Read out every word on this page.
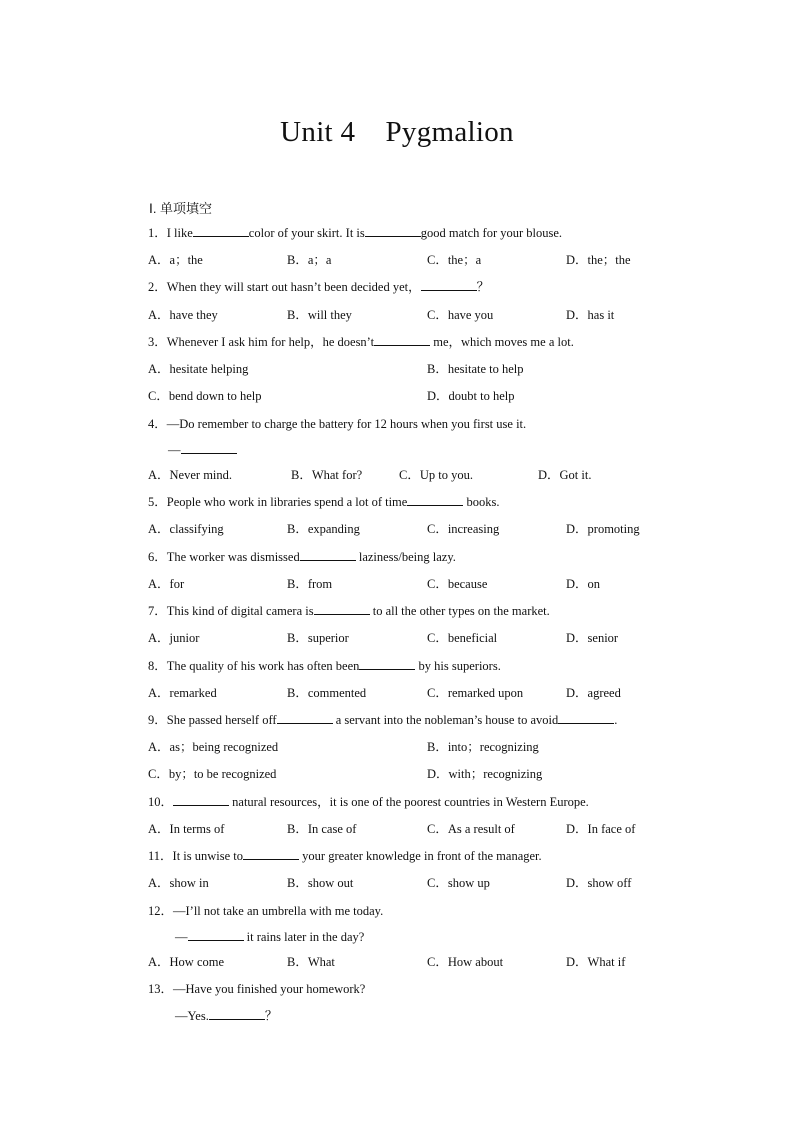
Unit 4    Pygmalion
Ⅰ. 单项填空
1．I like	color of your skirt. It is	good match for your blouse.
A．a；the	B．a；a	C．the；a	D．the；the
2．When they will start out hasn’t been decided yet，	？
A．have they	B．will they	C．have you	D．has it
3．Whenever I ask him for help，he doesn’t	me，which moves me a lot.
A．hesitate helping	B．hesitate to help
C．bend down to help	D．doubt to help
4．—Do remember to charge the battery for 12 hours when you first use it.
—
A．Never mind.	B．What for?	C．Up to you.	D．Got it.
5．People who work in libraries spend a lot of time	books.
A．classifying	B．expanding	C．increasing	D．promoting
6．The worker was dismissed	laziness/being lazy.
A．for	B．from	C．because	D．on
7．This kind of digital camera is	to all the other types on the market.
A．junior	B．superior	C．beneficial	D．senior
8．The quality of his work has often been	by his superiors.
A．remarked	B．commented	C．remarked upon	D．agreed
9．She passed herself off	a servant into the nobleman’s house to avoid	.
A．as；being recognized	B．into；recognizing
C．by；to be recognized	D．with；recognizing
10．	natural resources，it is one of the poorest countries in Western Europe.
A．In terms of	B．In case of	C．As a result of	D．In face of
11．It is unwise to	your greater knowledge in front of the manager.
A．show in	B．show out	C．show up	D．show off
12．—I’ll not take an umbrella with me today.
—	it rains later in the day?
A．How come	B．What	C．How about	D．What if
13．—Have you finished your homework?
—Yes.	？
